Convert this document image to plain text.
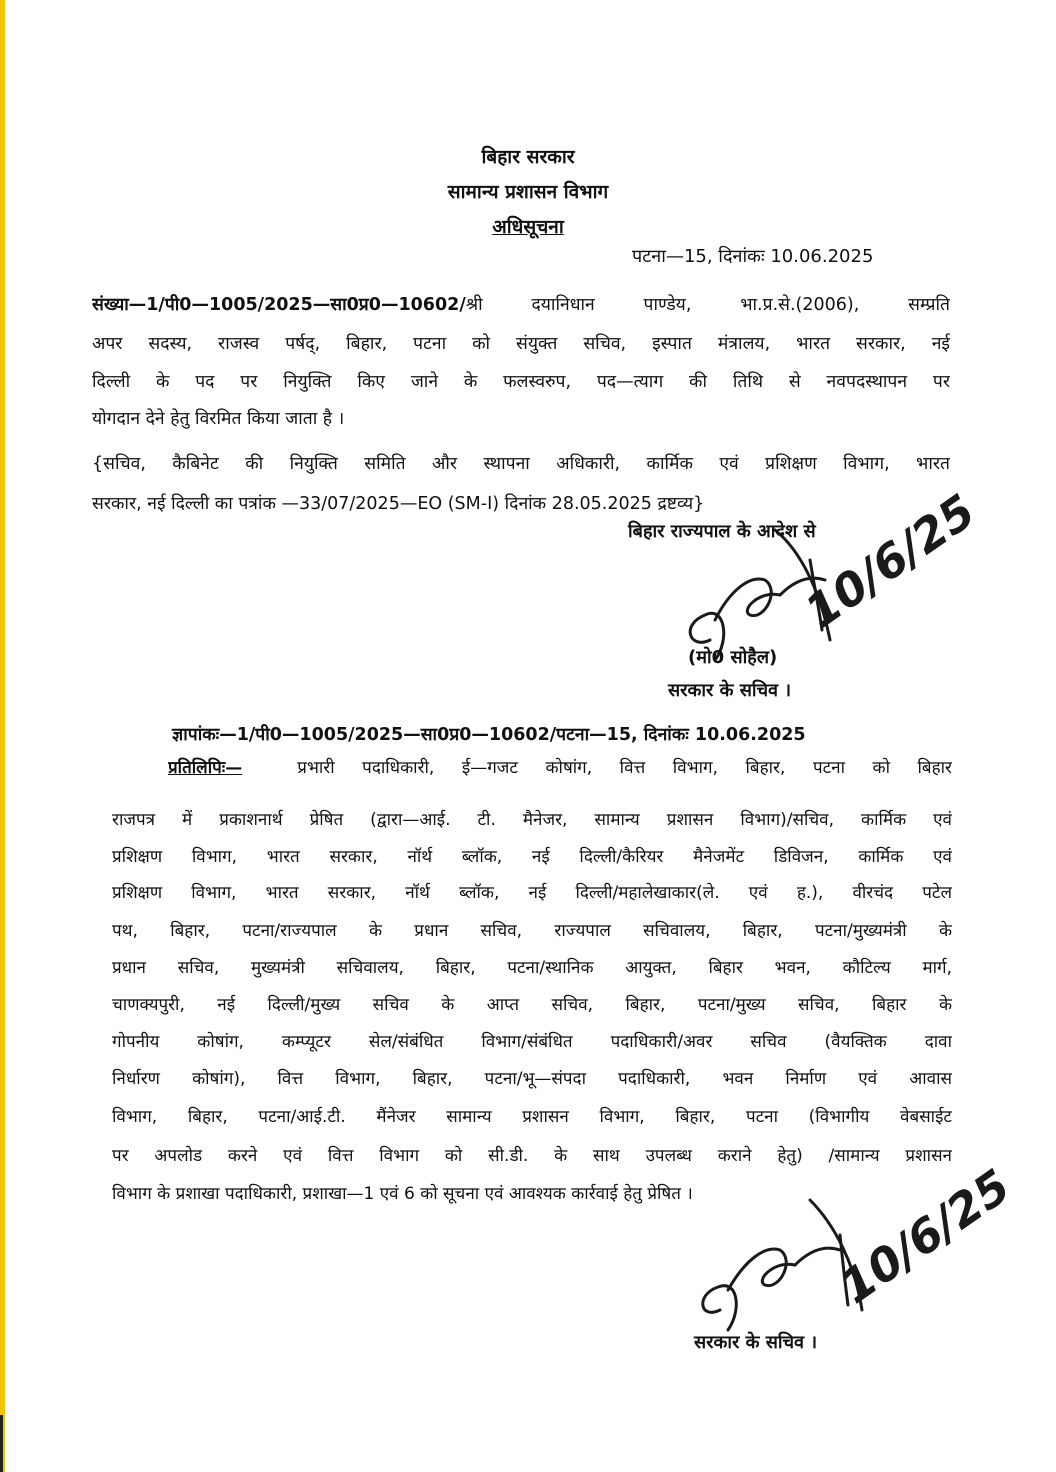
बिहार सरकार
सामान्य प्रशासन विभाग
अधिसूचना
पटना—15, दिनांकः 10.06.2025
संख्या—1/पी0—1005/2025—सा0प्र0—10602/श्री दयानिधान पाण्डेय, भा.प्र.से.(2006), सम्प्रति
अपर सदस्य, राजस्व पर्षद्, बिहार, पटना को संयुक्त सचिव, इस्पात मंत्रालय, भारत सरकार, नई
दिल्ली के पद पर नियुक्ति किए जाने के फलस्वरुप, पद—त्याग की तिथि से नवपदस्थापन पर
योगदान देने हेतु विरमित किया जाता है ।
{सचिव, कैबिनेट की नियुक्ति समिति और स्थापना अधिकारी, कार्मिक एवं प्रशिक्षण विभाग, भारत
सरकार, नई दिल्ली का पत्रांक —33/07/2025—EO (SM-I) दिनांक 28.05.2025 द्रष्टव्य}
बिहार राज्यपाल के आदेश से
10/6/25
(मो0 सोहैल)
सरकार के सचिव ।
ज्ञापांकः—1/पी0—1005/2025—सा0प्र0—10602/पटना—15, दिनांकः 10.06.2025
प्रतिलिपिः—	प्रभारी पदाधिकारी, ई—गजट कोषांग, वित्त विभाग, बिहार, पटना को बिहार
राजपत्र में प्रकाशनार्थ प्रेषित (द्वारा—आई. टी. मैनेजर, सामान्य प्रशासन विभाग)/सचिव, कार्मिक एवं
प्रशिक्षण विभाग, भारत सरकार, नॉर्थ ब्लॉक, नई दिल्ली/कैरियर मैनेजमेंट डिविजन, कार्मिक एवं
प्रशिक्षण विभाग, भारत सरकार, नॉर्थ ब्लॉक, नई दिल्ली/महालेखाकार(ले. एवं ह.), वीरचंद पटेल
पथ, बिहार, पटना/राज्यपाल के प्रधान सचिव, राज्यपाल सचिवालय, बिहार, पटना/मुख्यमंत्री के
प्रधान सचिव, मुख्यमंत्री सचिवालय, बिहार, पटना/स्थानिक आयुक्त, बिहार भवन, कौटिल्य मार्ग,
चाणक्यपुरी, नई दिल्ली/मुख्य सचिव के आप्त सचिव, बिहार, पटना/मुख्य सचिव, बिहार के
गोपनीय कोषांग, कम्प्यूटर सेल/संबंधित विभाग/संबंधित पदाधिकारी/अवर सचिव (वैयक्तिक दावा
निर्धारण कोषांग), वित्त विभाग, बिहार, पटना/भू—संपदा पदाधिकारी, भवन निर्माण एवं आवास
विभाग, बिहार, पटना/आई.टी. मैंनेजर सामान्य प्रशासन विभाग, बिहार, पटना (विभागीय वेबसाईट
पर अपलोड करने एवं वित्त विभाग को सी.डी. के साथ उपलब्ध कराने हेतु) /सामान्य प्रशासन
विभाग के प्रशाखा पदाधिकारी, प्रशाखा—1 एवं 6 को सूचना एवं आवश्यक कार्रवाई हेतु प्रेषित ।	10/6/25
सरकार के सचिव ।
